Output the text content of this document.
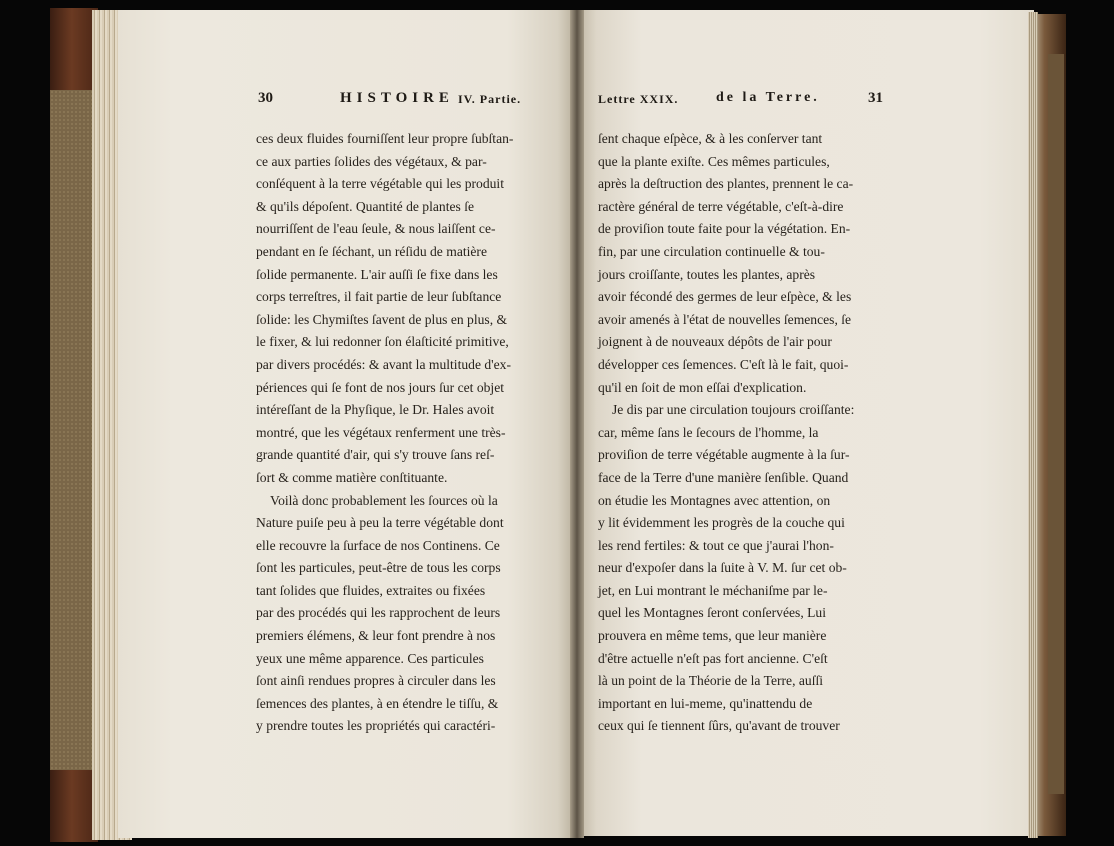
30

	HISTOIRE

IV. Partie.

	Lettre XXIX.

	de la Terre.

	31

ces deux fluides fourniſſent leur propre ſubſtan-
ce aux parties ſolides des végétaux, & par-
conſéquent à la terre végétable qui les produit
& qu'ils dépoſent. Quantité de plantes ſe
nourriſſent de l'eau ſeule, & nous laiſſent ce-
pendant en ſe ſéchant, un réſidu de matière
ſolide permanente. L'air auſſi ſe fixe dans les
corps terreſtres, il fait partie de leur ſubſtance
ſolide: les Chymiſtes ſavent de plus en plus, &
le fixer, & lui redonner ſon élaſticité primitive,
par divers procédés: & avant la multitude d'ex-
périences qui ſe font de nos jours ſur cet objet
intéreſſant de la Phyſique, le Dr. Hales avoit
montré, que les végétaux renferment une très-
grande quantité d'air, qui s'y trouve ſans reſ-
ſort & comme matière conſtituante.
Voilà donc probablement les ſources où la
Nature puiſe peu à peu la terre végétable dont
elle recouvre la ſurface de nos Continens. Ce
ſont les particules, peut-être de tous les corps
tant ſolides que fluides, extraites ou fixées
par des procédés qui les rapprochent de leurs
premiers élémens, & leur font prendre à nos
yeux une même apparence. Ces particules
ſont ainſi rendues propres à circuler dans les
ſemences des plantes, à en étendre le tiſſu, &
y prendre toutes les propriétés qui caractéri-
ſent chaque eſpèce, & à les conſerver tant
que la plante exiſte. Ces mêmes particules,
après la deſtruction des plantes, prennent le ca-
ractère général de terre végétable, c'eſt-à-dire
de proviſion toute faite pour la végétation. En-
fin, par une circulation continuelle & tou-
jours croiſſante, toutes les plantes, après
avoir fécondé des germes de leur eſpèce, & les
avoir amenés à l'état de nouvelles ſemences, ſe
joignent à de nouveaux dépôts de l'air pour
développer ces ſemences. C'eſt là le fait, quoi-
qu'il en ſoit de mon eſſai d'explication.
Je dis par une circulation toujours croiſſante:
car, même ſans le ſecours de l'homme, la
proviſion de terre végétable augmente à la ſur-
face de la Terre d'une manière ſenſible. Quand
on étudie les Montagnes avec attention, on
y lit évidemment les progrès de la couche qui
les rend fertiles: & tout ce que j'aurai l'hon-
neur d'expoſer dans la ſuite à V. M. ſur cet ob-
jet, en Lui montrant le méchaniſme par le-
quel les Montagnes ſeront conſervées, Lui
prouvera en même tems, que leur manière
d'être actuelle n'eſt pas fort ancienne. C'eſt
là un point de la Théorie de la Terre, auſſi
important en lui-meme, qu'inattendu de
ceux qui ſe tiennent ſûrs, qu'avant de trouver
